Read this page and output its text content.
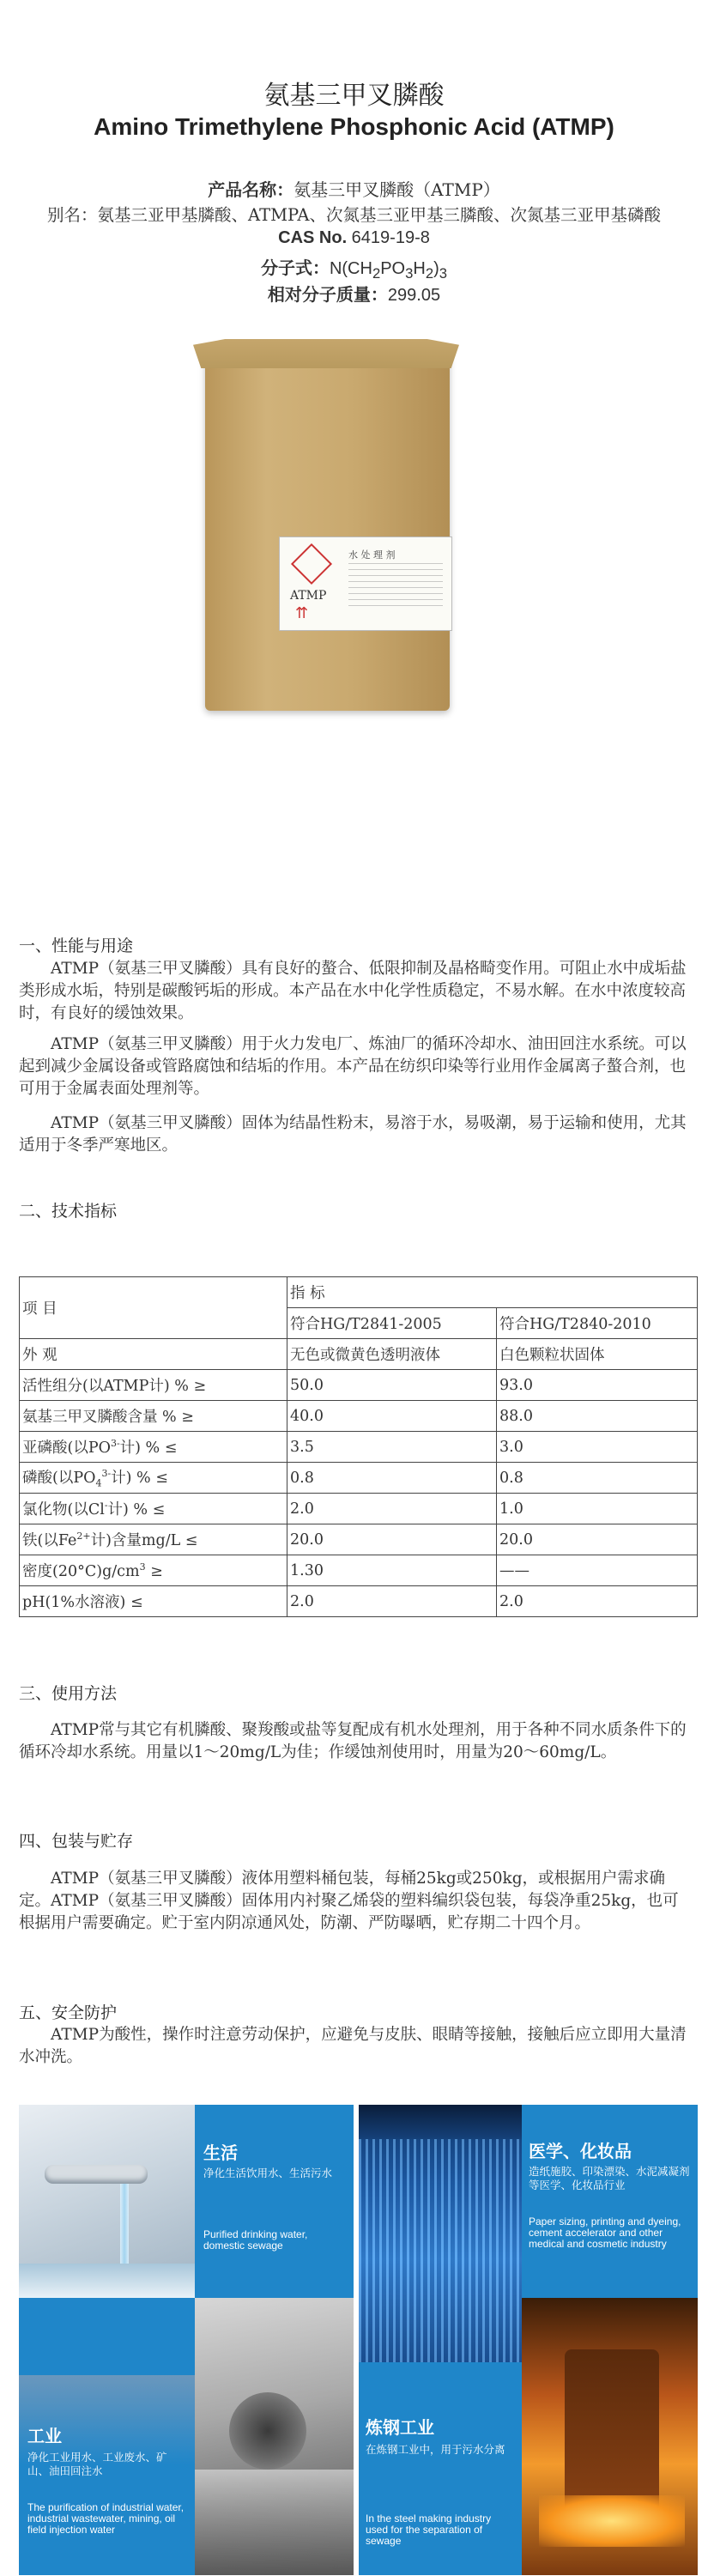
氨基三甲叉膦酸
Amino Trimethylene Phosphonic Acid (ATMP)
产品名称：氨基三甲叉膦酸（ATMP）
别名：氨基三亚甲基膦酸、ATMPA、次氮基三亚甲基三膦酸、次氮基三亚甲基磷酸
CAS No. 6419-19-8
分子式：$N(CH_2PO_3H_2)_3$
相对分子质量：299.05
水 处 理 剂
ATMP
⇈
一、性能与用途
ATMP（氨基三甲叉膦酸）具有良好的螯合、低限抑制及晶格畸变作用。可阻止水中成垢盐类形成水垢，特别是碳酸钙垢的形成。本产品在水中化学性质稳定，不易水解。在水中浓度较高时，有良好的缓蚀效果。
ATMP（氨基三甲叉膦酸）用于火力发电厂、炼油厂的循环冷却水、油田回注水系统。可以起到减少金属设备或管路腐蚀和结垢的作用。本产品在纺织印染等行业用作金属离子螯合剂，也可用于金属表面处理剂等。
ATMP（氨基三甲叉膦酸）固体为结晶性粉末，易溶于水，易吸潮，易于运输和使用，尤其适用于冬季严寒地区。
二、技术指标
项 目	指 标	
	符合HG/T2841-2005	符合HG/T2840-2010
外 观	无色或微黄色透明液体	白色颗粒状固体
活性组分(以ATMP计) % ≥	50.0	93.0
氨基三甲叉膦酸含量 % ≥	40.0	88.0
亚磷酸(以$PO^{3-}$计) % ≤	3.5	3.0
磷酸(以$PO_4^{3-}$计) % ≤	0.8	0.8
氯化物(以Cl-计) % ≤	2.0	1.0
铁(以$Fe^{2+}$计)含量mg/L ≤	20.0	20.0
密度$(20^\circ C)g/cm^3$ ≥	1.30	——
pH(1%水溶液) ≤	2.0	2.0
三、使用方法
ATMP常与其它有机膦酸、聚羧酸或盐等复配成有机水处理剂，用于各种不同水质条件下的循环冷却水系统。用量以1～20mg/L为佳；作缓蚀剂使用时，用量为20～60mg/L。
四、包装与贮存
ATMP（氨基三甲叉膦酸）液体用塑料桶包装，每桶25kg或250kg，或根据用户需求确定。ATMP（氨基三甲叉膦酸）固体用内衬聚乙烯袋的塑料编织袋包装，每袋净重25kg，也可根据用户需要确定。贮于室内阴凉通风处，防潮、严防曝晒，贮存期二十四个月。
五、安全防护
ATMP为酸性，操作时注意劳动保护，应避免与皮肤、眼睛等接触，接触后应立即用大量清水冲洗。
生活
净化生活饮用水、生活污水
Purified drinking water, domestic sewage
医学、化妆品
造纸施胶、印染漂染、水泥减凝剂等医学、化妆品行业
Paper sizing, printing and dyeing, cement accelerator and other medical and cosmetic industry
工业
净化工业用水、工业废水、矿山、油田回注水
The purification of industrial water, industrial wastewater, mining, oil field injection water
炼钢工业
在炼钢工业中，用于污水分离
In the steel making industry used for the separation of sewage
